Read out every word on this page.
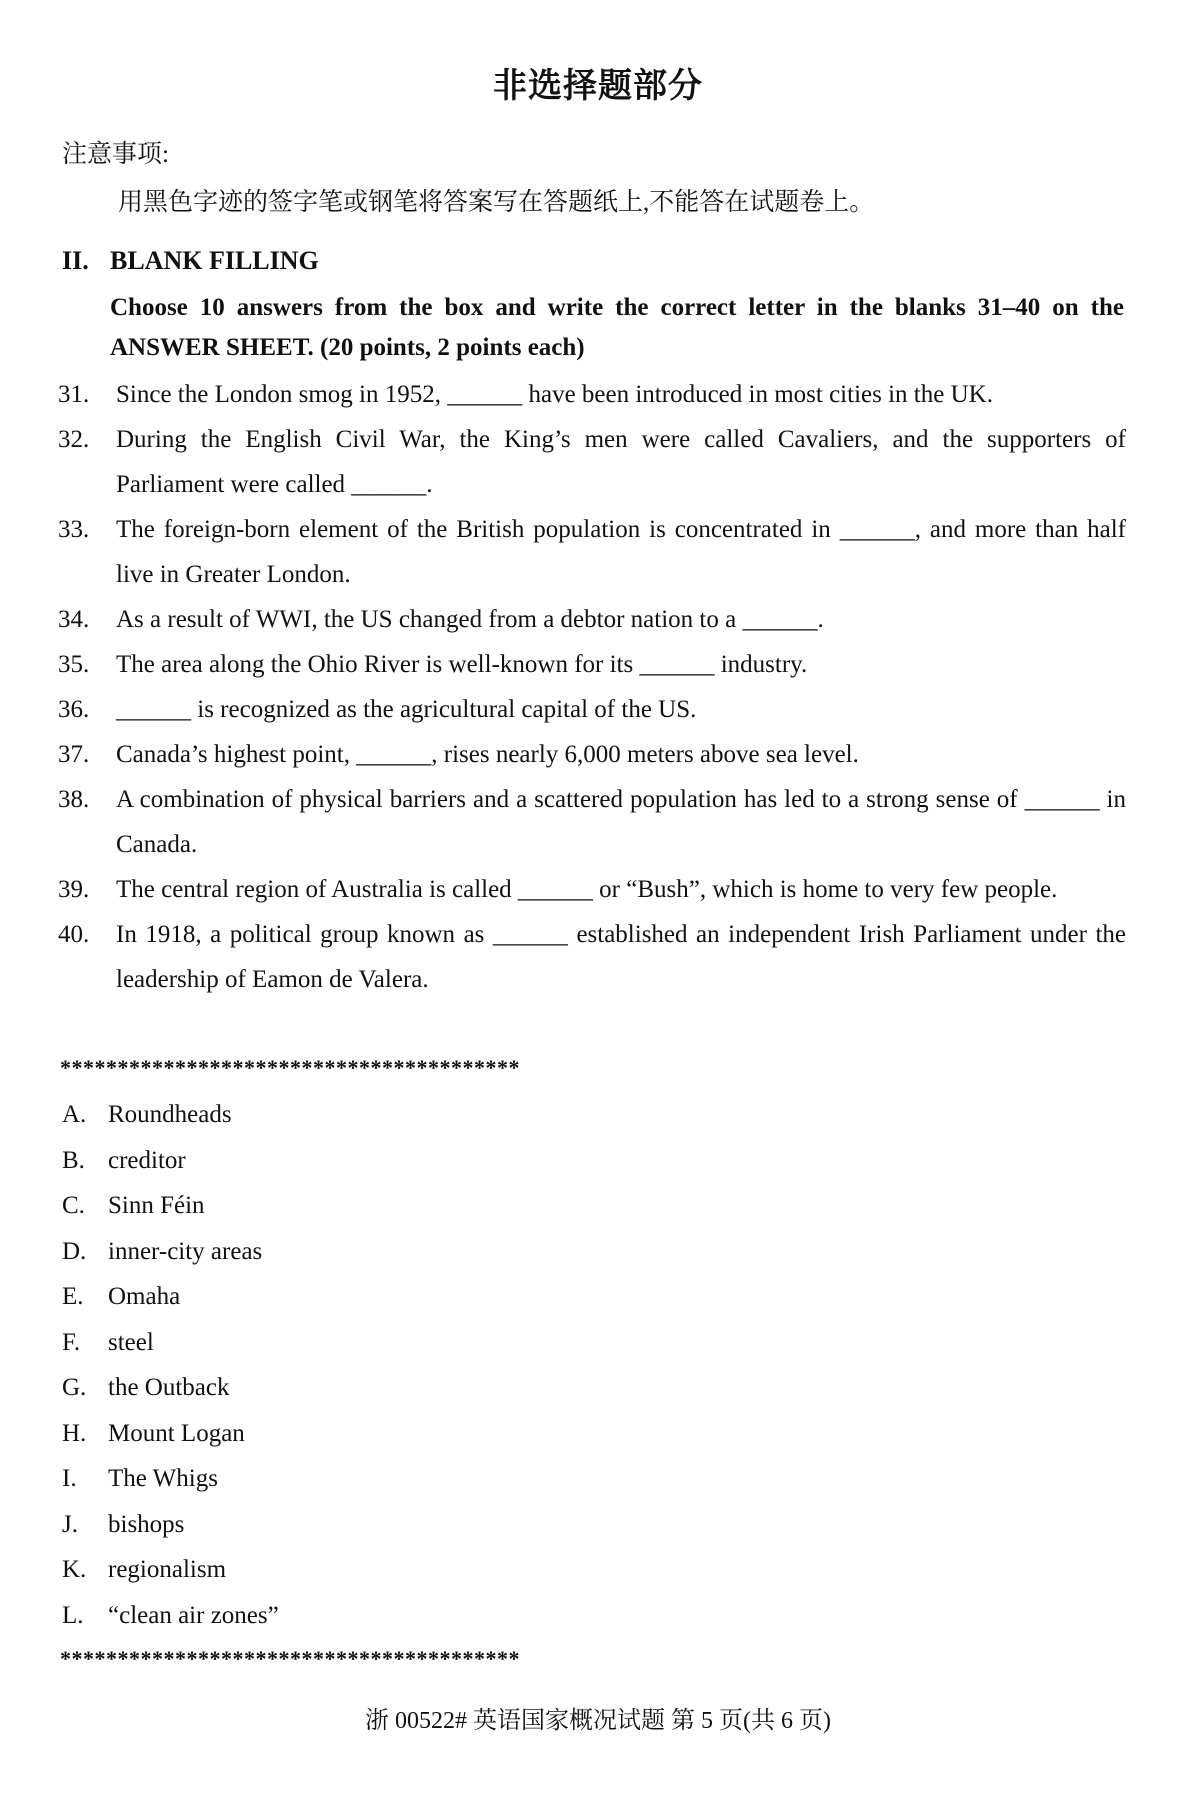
非选择题部分
注意事项:
用黑色字迹的签字笔或钢笔将答案写在答题纸上,不能答在试题卷上。
II. BLANK FILLING
Choose 10 answers from the box and write the correct letter in the blanks 31–40 on the ANSWER SHEET. (20 points, 2 points each)
31.	Since the London smog in 1952, ______ have been introduced in most cities in the UK.
32.	During the English Civil War, the King’s men were called Cavaliers, and the supporters of Parliament were called ______.
33.	The foreign-born element of the British population is concentrated in ______, and more than half live in Greater London.
34.	As a result of WWI, the US changed from a debtor nation to a ______.
35.	The area along the Ohio River is well-known for its ______ industry.
36.	______ is recognized as the agricultural capital of the US.
37.	Canada’s highest point, ______, rises nearly 6,000 meters above sea level.
38.	A combination of physical barriers and a scattered population has led to a strong sense of ______ in Canada.
39.	The central region of Australia is called ______ or “Bush”, which is home to very few people.
40.	In 1918, a political group known as ______ established an independent Irish Parliament under the leadership of Eamon de Valera.
****************************************
A. Roundheads
B. creditor
C. Sinn Féin
D. inner-city areas
E. Omaha
F. steel
G. the Outback
H. Mount Logan
I. The Whigs
J. bishops
K. regionalism
L. “clean air zones”
****************************************
浙 00522# 英语国家概况试题 第 5 页(共 6 页)
